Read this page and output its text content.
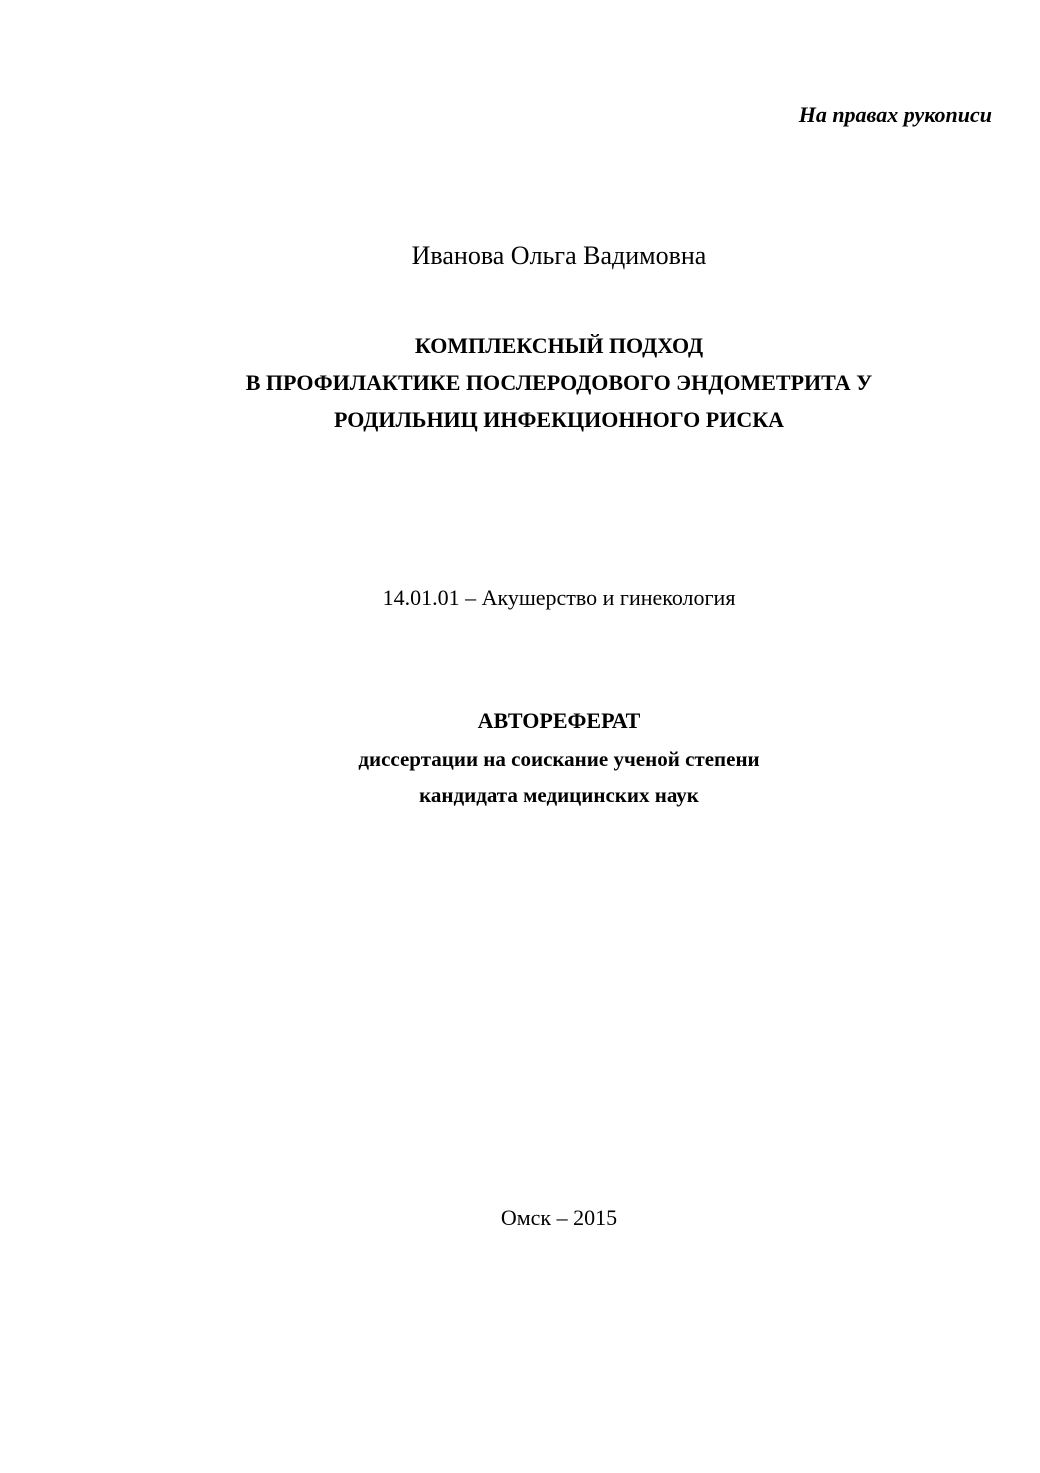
На правах рукописи
Иванова Ольга Вадимовна
КОМПЛЕКСНЫЙ ПОДХОД
В ПРОФИЛАКТИКЕ ПОСЛЕРОДОВОГО ЭНДОМЕТРИТА У
РОДИЛЬНИЦ ИНФЕКЦИОННОГО РИСКА
14.01.01 – Акушерство и гинекология
АВТОРЕФЕРАТ
диссертации на соискание ученой степени
кандидата медицинских наук
Омск – 2015
